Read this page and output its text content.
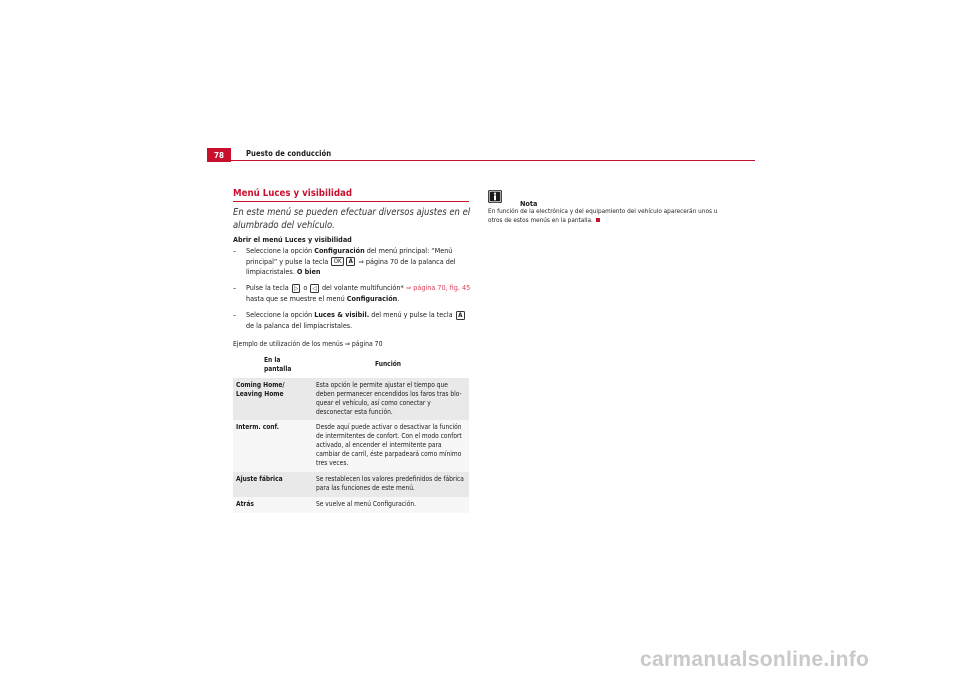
78	Puesto de conducción
Menú Luces y visibilidad
En este menú se pueden efectuar diversos ajustes en el alumbrado del vehículo.
Abrir el menú Luces y visibilidad
– Seleccione la opción Configuración del menú principal: “Menú principal” y pulse la tecla OK A ⇒ página 70 de la palanca del limpiacristales. O bien
– Pulse la tecla ▷ o ◁ del volante multifunción* ⇒ página 70, fig. 45 hasta que se muestre el menú Configuración.
– Seleccione la opción Luces & visibil. del menú y pulse la tecla A de la palanca del limpiacristales.
Ejemplo de utilización de los menús ⇒ página 70
En la pantalla	Función
Coming Home/
Leaving Home	Esta opción le permite ajustar el tiempo que deben permanecer encendidos los faros tras bloquear el vehículo, así como conectar y desconectar esta función.
Interm. conf.	Desde aquí puede activar o desactivar la función de intermitentes de confort. Con el modo confort activado, al encender el intermitente para cambiar de carril, éste parpadeará como mínimo tres veces.
Ajuste fábrica	Se restablecen los valores predefinidos de fábrica para las funciones de este menú.
Atrás	Se vuelve al menú Configuración.
Nota
En función de la electrónica y del equipamiento del vehículo aparecerán unos u otros de estos menús en la pantalla.
carmanualsonline.info
